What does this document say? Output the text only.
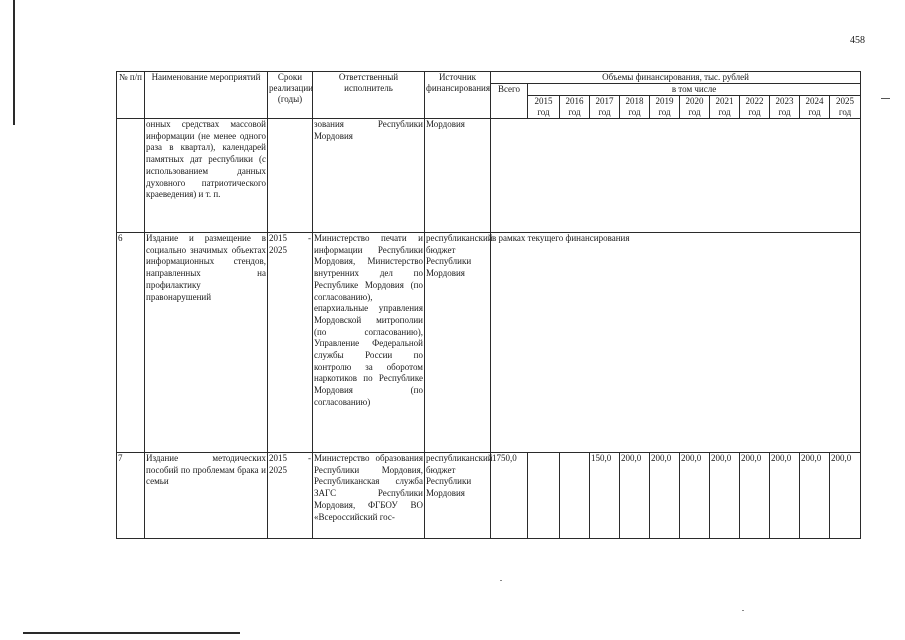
458
№ п/п	Наименование мероприятий	Сроки реализации (годы)	Ответственный исполнитель	Источник финансирования	Объемы финансирования, тыс. рублей											
					Всего	в том числе										
						2015 год	2016 год	2017 год	2018 год	2019 год	2020 год	2021 год	2022 год	2023 год	2024 год	2025 год
	онных средствах массовой информации (не менее одного раза в квартал), календарей памятных дат республики (с использованием данных духовного патриотического краеведения) и т. п.		зования Республики Мордовия	Мордовия												
6	Издание и размещение в социально значимых объектах информационных стендов, направленных на профилактику правонарушений	2015 - 2025	Министерство печати и информации Республики Мордовия, Министерство внутренних дел по Республике Мордовия (по согласованию), епархиальные управления Мордовской митрополии (по согласованию), Управление Федеральной службы России по контролю за оборотом наркотиков по Республике Мордовия (по согласованию)	республиканский бюджет Республики Мордовия	в рамках текущего финансирования											
7	Издание методических пособий по проблемам брака и семьи	2015 - 2025	Министерство образования Республики Мордовия, Республиканская служба ЗАГС Республики Мордовия, ФГБОУ ВО «Всероссийский гос-	республиканский бюджет Республики Мордовия	1750,0			150,0	200,0	200,0	200,0	200,0	200,0	200,0	200,0	200,0
